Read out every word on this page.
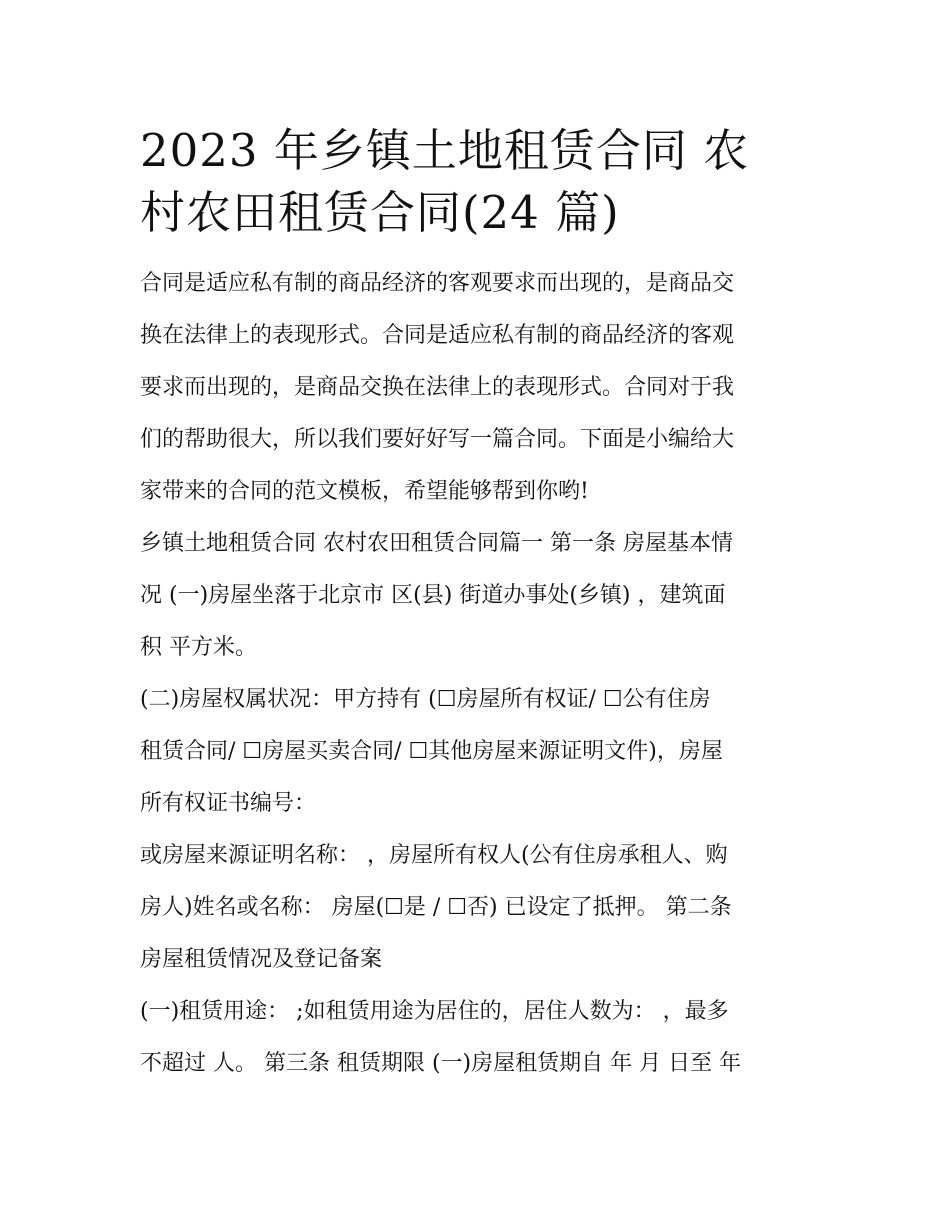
2023 年乡镇土地租赁合同 农
村农田租赁合同(24 篇)

合同是适应私有制的商品经济的客观要求而出现的，是商品交
换在法律上的表现形式。合同是适应私有制的商品经济的客观
要求而出现的，是商品交换在法律上的表现形式。合同对于我
们的帮助很大，所以我们要好好写一篇合同。下面是小编给大
家带来的合同的范文模板，希望能够帮到你哟!

乡镇土地租赁合同 农村农田租赁合同篇一 第一条 房屋基本情
况 (一)房屋坐落于北京市 区(县) 街道办事处(乡镇) ，建筑面
积 平方米。

(二)房屋权属状况：甲方持有 (☐房屋所有权证/ ☐公有住房
租赁合同/ ☐房屋买卖合同/ ☐其他房屋来源证明文件)，房屋
所有权证书编号：

或房屋来源证明名称： ，房屋所有权人(公有住房承租人、购
房人)姓名或名称： 房屋(☐是 / ☐否) 已设定了抵押。 第二条
房屋租赁情况及登记备案

(一)租赁用途： ;如租赁用途为居住的，居住人数为： ，最多
不超过 人。 第三条 租赁期限 (一)房屋租赁期自 年 月 日至 年
